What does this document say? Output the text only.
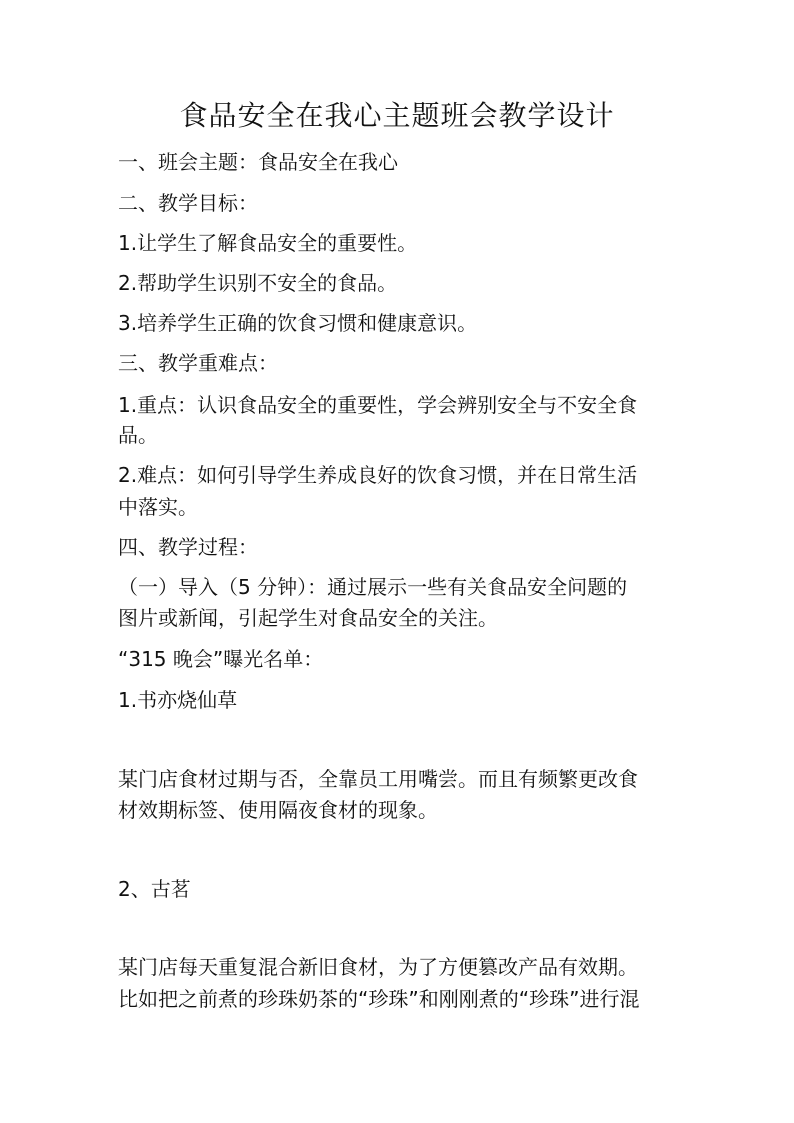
食品安全在我心主题班会教学设计
一、班会主题：食品安全在我心
二、教学目标：
1.让学生了解食品安全的重要性。
2.帮助学生识别不安全的食品。
3.培养学生正确的饮食习惯和健康意识。
三、教学重难点：
1.重点：认识食品安全的重要性，学会辨别安全与不安全食
品。
2.难点：如何引导学生养成良好的饮食习惯，并在日常生活
中落实。
四、教学过程：
（一）导入（5 分钟）：通过展示一些有关食品安全问题的
图片或新闻，引起学生对食品安全的关注。
“315 晚会”曝光名单：
1.书亦烧仙草
某门店食材过期与否，全靠员工用嘴尝。而且有频繁更改食
材效期标签、使用隔夜食材的现象。
2、古茗
某门店每天重复混合新旧食材，为了方便篡改产品有效期。
比如把之前煮的珍珠奶茶的“珍珠”和刚刚煮的“珍珠”进行混
